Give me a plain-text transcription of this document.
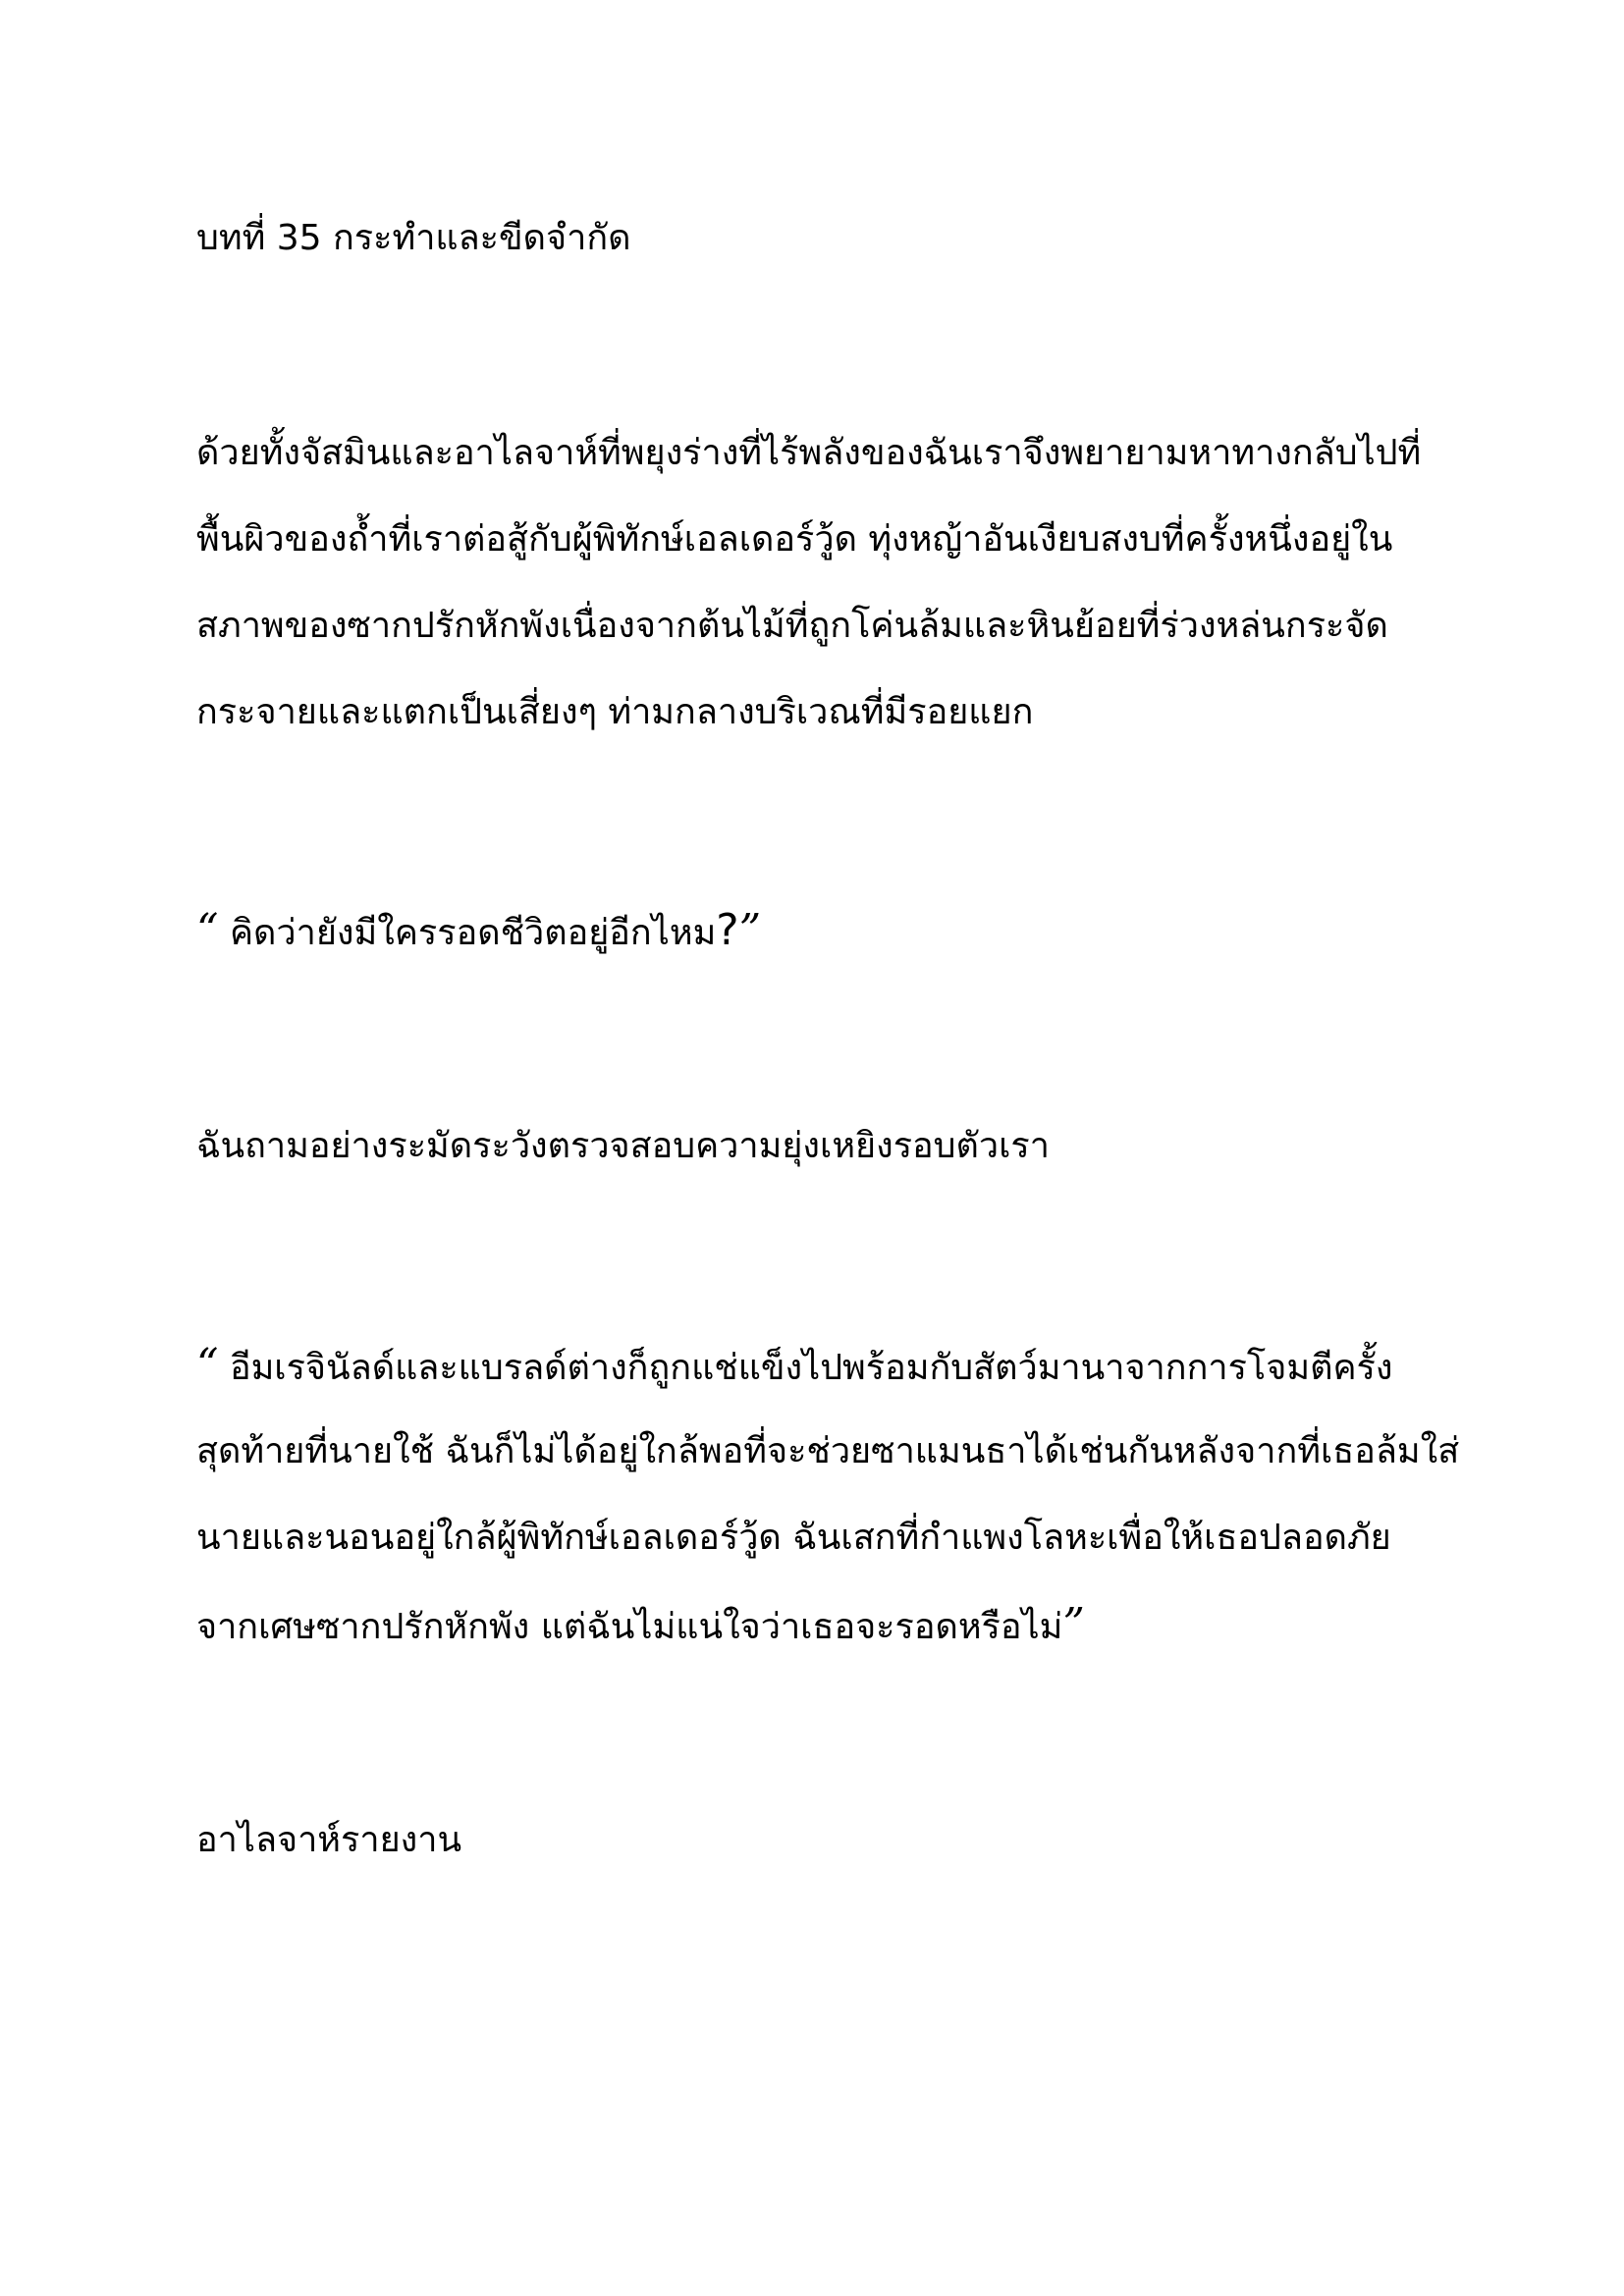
บทที่ 35 กระทำและขีดจำกัด

ด้วยทั้งจัสมินและอาไลจาห์ที่พยุงร่างที่ไร้พลังของฉันเราจึงพยายามหาทางกลับไปที่

พื้นผิวของถ้ำที่เราต่อสู้กับผู้พิทักษ์เอลเดอร์วู้ด ทุ่งหญ้าอันเงียบสงบที่ครั้งหนึ่งอยู่ใน

สภาพของซากปรักหักพังเนื่องจากต้นไม้ที่ถูกโค่นล้มและหินย้อยที่ร่วงหล่นกระจัด

กระจายและแตกเป็นเสี่ยงๆ ท่ามกลางบริเวณที่มีรอยแยก

“ คิดว่ายังมีใครรอดชีวิตอยู่อีกไหม?”

ฉันถามอย่างระมัดระวังตรวจสอบความยุ่งเหยิงรอบตัวเรา

“ อีมเรจินัลด์และแบรลด์ต่างก็ถูกแช่แข็งไปพร้อมกับสัตว์มานาจากการโจมตีครั้ง

สุดท้ายที่นายใช้ ฉันก็ไม่ได้อยู่ใกล้พอที่จะช่วยซาแมนธาได้เช่นกันหลังจากที่เธอล้มใส่

นายและนอนอยู่ใกล้ผู้พิทักษ์เอลเดอร์วู้ด ฉันเสกที่กำแพงโลหะเพื่อให้เธอปลอดภัย

จากเศษซากปรักหักพัง แต่ฉันไม่แน่ใจว่าเธอจะรอดหรือไม่”

อาไลจาห์รายงาน
